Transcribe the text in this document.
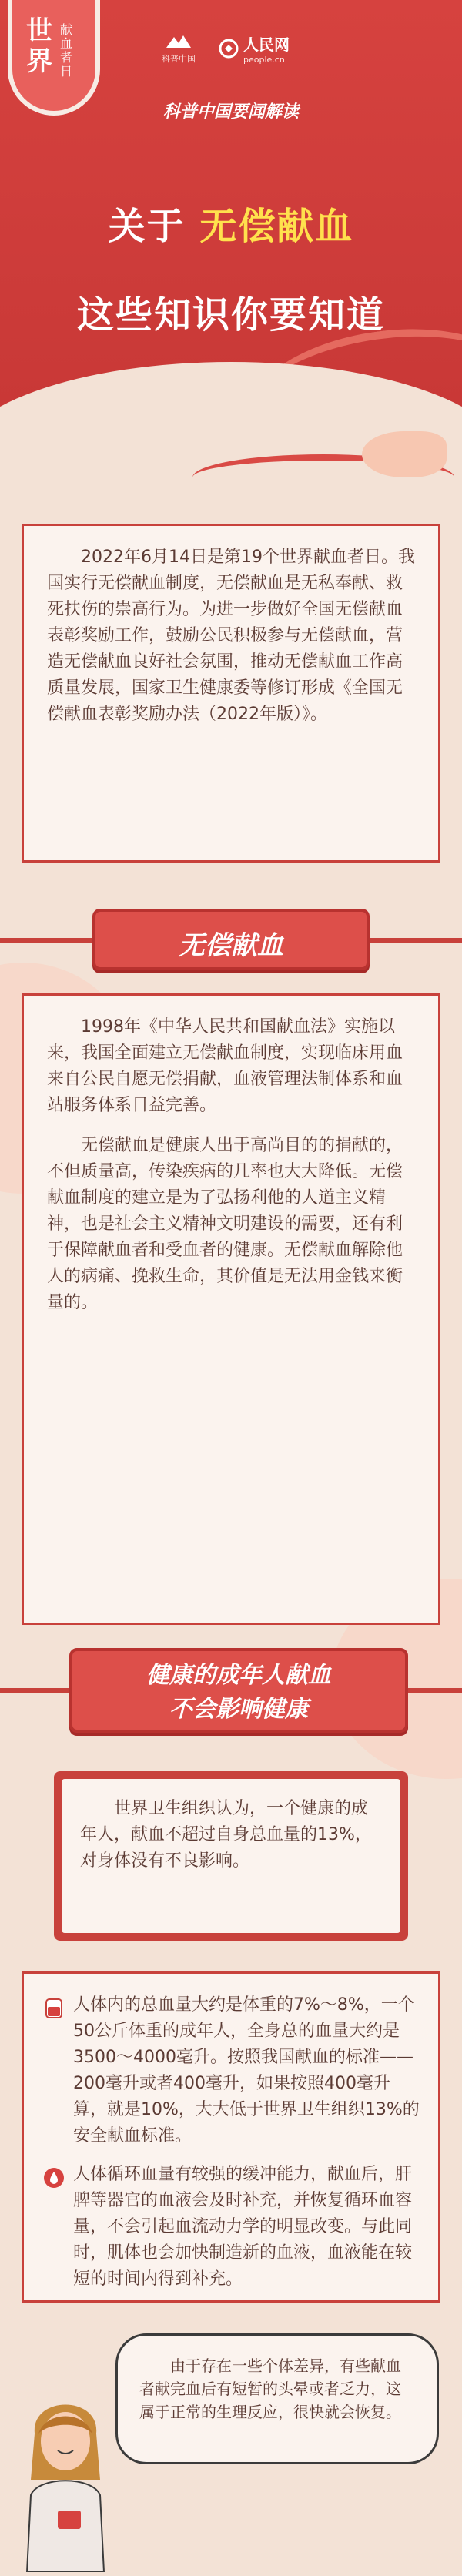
世界
献血者日
科普中国
人民网
people.cn
科普中国要闻解读
关于 无偿献血
这些知识你要知道

2022年6月14日是第19个世界献血者日。我国实行无偿献血制度，无偿献血是无私奉献、救死扶伤的崇高行为。为进一步做好全国无偿献血表彰奖励工作，鼓励公民积极参与无偿献血，营造无偿献血良好社会氛围，推动无偿献血工作高质量发展，国家卫生健康委等修订形成《全国无偿献血表彰奖励办法（2022年版）》。

无偿献血

1998年《中华人民共和国献血法》实施以来，我国全面建立无偿献血制度，实现临床用血来自公民自愿无偿捐献，血液管理法制体系和血站服务体系日益完善。

无偿献血是健康人出于高尚目的的捐献的，不但质量高，传染疾病的几率也大大降低。无偿献血制度的建立是为了弘扬利他的人道主义精神，也是社会主义精神文明建设的需要，还有利于保障献血者和受血者的健康。无偿献血解除他人的病痛、挽救生命，其价值是无法用金钱来衡量的。

健康的成年人献血
不会影响健康
世界卫生组织认为，一个健康的成年人，献血不超过自身总血量的13%，对身体没有不良影响。
人体内的总血量大约是体重的7%～8%，一个50公斤体重的成年人，全身总的血量大约是3500～4000毫升。按照我国献血的标准——200毫升或者400毫升，如果按照400毫升算，就是10%，大大低于世界卫生组织13%的安全献血标准。
人体循环血量有较强的缓冲能力，献血后，肝脾等器官的血液会及时补充，并恢复循环血容量，不会引起血流动力学的明显改变。与此同时，肌体也会加快制造新的血液，血液能在较短的时间内得到补充。
由于存在一些个体差异，有些献血者献完血后有短暂的头晕或者乏力，这属于正常的生理反应，很快就会恢复。
